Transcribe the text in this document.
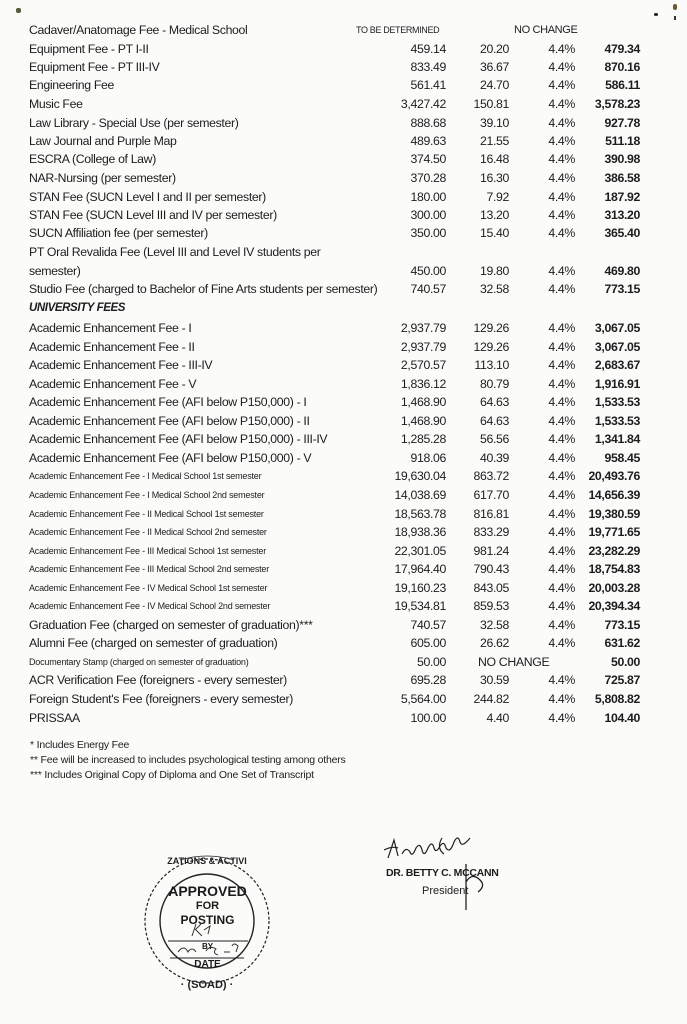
Cadaver/Anatomage Fee - Medical School	TO BE DETERMINED	NO CHANGE
Equipment Fee - PT I-II	459.14	20.20	4.4% 479.34
Equipment Fee - PT III-IV	833.49	36.67	4.4% 870.16
Engineering Fee	561.41	24.70	4.4% 586.11
Music Fee	3,427.42 150.81	4.4% 3,578.23
Law Library - Special Use (per semester)	888.68	39.10	4.4% 927.78
Law Journal and Purple Map	489.63	21.55	4.4% 511.18
ESCRA (College of Law)	374.50	16.48	4.4% 390.98
NAR-Nursing (per semester)	370.28	16.30	4.4% 386.58
STAN Fee (SUCN Level I and II per semester)	180.00	7.92	4.4% 187.92
STAN Fee (SUCN Level III and IV per semester)	300.00	13.20	4.4% 313.20
SUCN Affiliation fee (per semester)	350.00	15.40	4.4% 365.40
PT Oral Revalida Fee (Level III and Level IV students per
semester)	450.00	19.80	4.4% 469.80
Studio Fee (charged to Bachelor of Fine Arts students per semester)	740.57	32.58	4.4% 773.15
UNIVERSITY FEES
Academic Enhancement Fee - I	2,937.79 129.26	4.4% 3,067.05
Academic Enhancement Fee - II	2,937.79 129.26	4.4% 3,067.05
Academic Enhancement Fee - III-IV	2,570.57 113.10	4.4% 2,683.67
Academic Enhancement Fee - V	1,836.12	80.79	4.4% 1,916.91
Academic Enhancement Fee (AFI below P150,000) - I	1,468.90	64.63	4.4% 1,533.53
Academic Enhancement Fee (AFI below P150,000) - II	1,468.90	64.63	4.4% 1,533.53
Academic Enhancement Fee (AFI below P150,000) - III-IV	1,285.28	56.56	4.4% 1,341.84
Academic Enhancement Fee (AFI below P150,000) - V	918.06	40.39	4.4% 958.45
Academic Enhancement Fee - I Medical School 1st semester	19,630.04 863.72	4.4% 20,493.76
Academic Enhancement Fee - I Medical School 2nd semester	14,038.69 617.70	4.4% 14,656.39
Academic Enhancement Fee - II Medical School 1st semester	18,563.78 816.81	4.4% 19,380.59
Academic Enhancement Fee - II Medical School 2nd semester	18,938.36 833.29	4.4% 19,771.65
Academic Enhancement Fee - III Medical School 1st semester	22,301.05 981.24	4.4% 23,282.29
Academic Enhancement Fee - III Medical School 2nd semester	17,964.40 790.43	4.4% 18,754.83
Academic Enhancement Fee - IV Medical School 1st semester	19,160.23 843.05	4.4% 20,003.28
Academic Enhancement Fee - IV Medical School 2nd semester	19,534.81 859.53	4.4% 20,394.34
Graduation Fee (charged on semester of graduation)***	740.57	32.58	4.4% 773.15
Alumni Fee (charged on semester of graduation)	605.00	26.62	4.4% 631.62
Documentary Stamp (charged on semester of graduation)	50.00	NO CHANGE	50.00
ACR Verification Fee (foreigners - every semester)	695.28	30.59	4.4% 725.87
Foreign Student's Fee (foreigners - every semester)	5,564.00 244.82	4.4% 5,808.82
PRISSAA	100.00	4.40	4.4% 104.40
* Includes Energy Fee
** Fee will be increased to includes psychological testing among others
*** Includes Original Copy of Diploma and One Set of Transcript
ZATIONS & ACTIVI
· (SOAD) ·
APPROVED
FOR
POSTING
BY
DATE
DR. BETTY C. MCCANN
President
